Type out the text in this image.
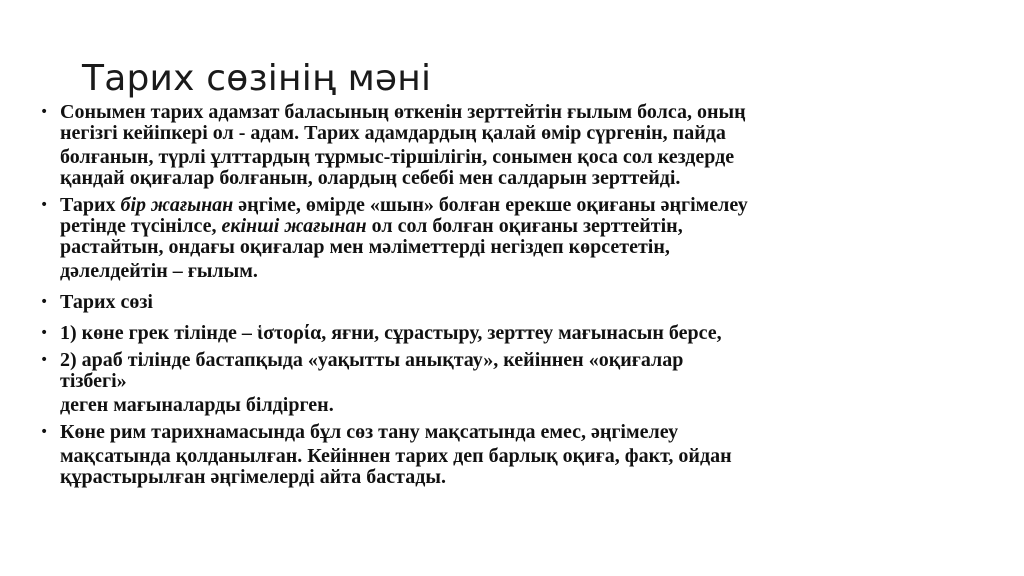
Тарих сөзінің мәні
• Сонымен тарих адамзат баласының өткенін зерттейтін ғылым болса, оның
негізгі кейіпкері ол - адам. Тарих адамдардың қалай өмір сүргенін, пайда
болғанын, түрлі ұлттардың тұрмыс-тіршілігін, сонымен қоса сол кездерде
қандай оқиғалар болғанын, олардың себебі мен салдарын зерттейді.
• Тарих бір жағынан әңгіме, өмірде «шын» болған ерекше оқиғаны әңгімелеу
ретінде түсінілсе, екінші жағынан ол сол болған оқиғаны зерттейтін,
растайтын, ондағы оқиғалар мен мәліметтерді негіздеп көрсететін,
дәлелдейтін – ғылым.
• Тарих сөзі
• 1) көне грек тілінде – ἱστορία, яғни, сұрастыру, зерттеу мағынасын берсе,
• 2) араб тілінде бастапқыда «уақытты анықтау», кейіннен «оқиғалар
тізбегі»
деген мағыналарды білдірген.
• Көне рим тарихнамасында бұл сөз тану мақсатында емес, әңгімелеу
мақсатында қолданылған. Кейіннен тарих деп барлық оқиға, факт, ойдан
құрастырылған әңгімелерді айта бастады.
